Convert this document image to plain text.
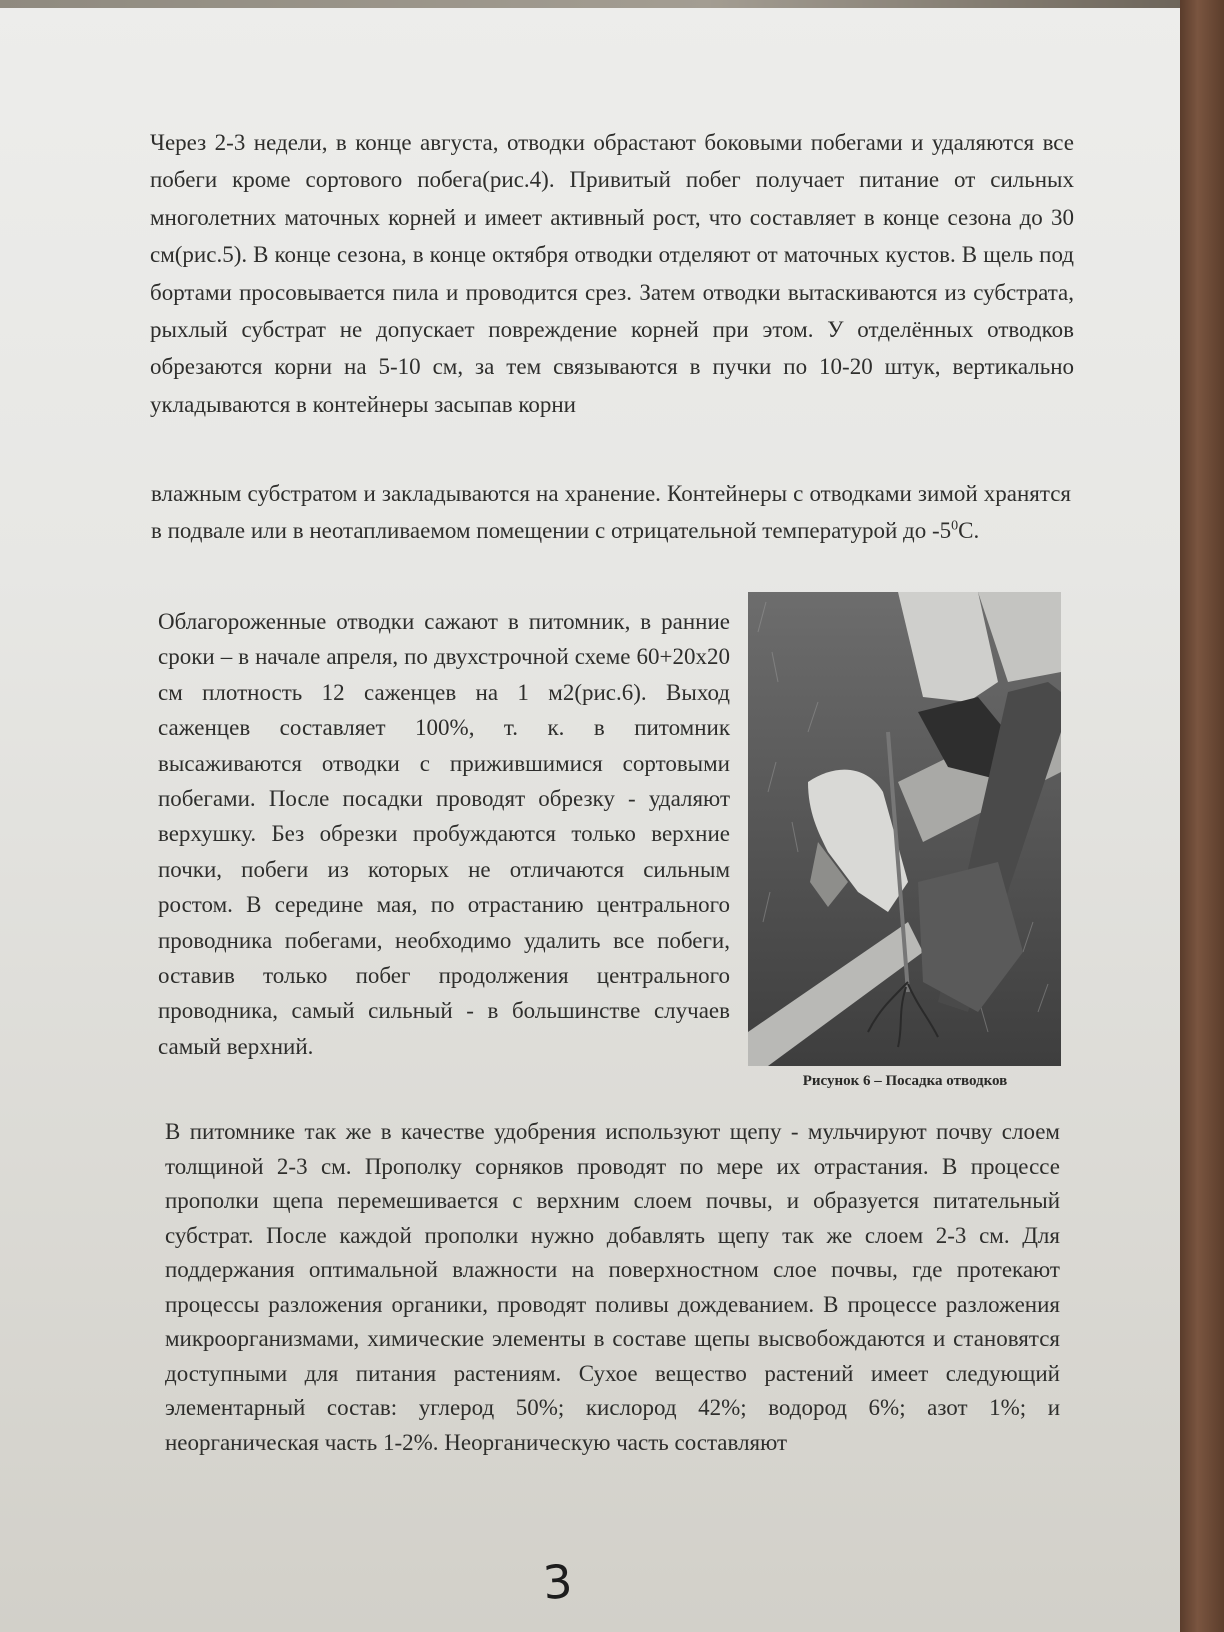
Через 2-3 недели, в конце августа, отводки обрастают боковыми побегами и удаляются все побеги кроме сортового побега(рис.4). Привитый побег получает питание от сильных многолетних маточных корней и имеет активный рост, что составляет в конце сезона до 30 см(рис.5). В конце сезона, в конце октября отводки отделяют от маточных кустов. В щель под бортами просовывается пила и проводится срез. Затем отводки вытаскиваются из субстрата, рыхлый субстрат не допускает повреждение корней при этом. У отделённых отводков обрезаются корни на 5-10 см, за тем связываются в пучки по 10-20 штук, вертикально укладываются в контейнеры засыпав корни

влажным субстратом и закладываются на хранение. Контейнеры с отводками зимой хранятся в подвале или в неотапливаемом помещении с отрицательной температурой до $-5^0С$.

Облагороженные отводки сажают в питомник, в ранние сроки – в начале апреля, по двухстрочной схеме 60+20х20 см плотность 12 саженцев на 1 м2(рис.6). Выход саженцев составляет 100%, т. к. в питомник высаживаются отводки с прижившимися сортовыми побегами. После посадки проводят обрезку - удаляют верхушку. Без обрезки пробуждаются только верхние почки, побеги из которых не отличаются сильным ростом. В середине мая, по отрастанию центрального проводника побегами, необходимо удалить все побеги, оставив только побег продолжения центрального проводника, самый сильный - в большинстве случаев самый верхний.

Рисунок 6 – Посадка отводков

В питомнике так же в качестве удобрения используют щепу - мульчируют почву слоем толщиной 2-3 см. Прополку сорняков проводят по мере их отрастания. В процессе прополки щепа перемешивается с верхним слоем почвы, и образуется питательный субстрат. После каждой прополки нужно добавлять щепу так же слоем 2-3 см. Для поддержания оптимальной влажности на поверхностном слое почвы, где протекают процессы разложения органики, проводят поливы дождеванием. В процессе разложения микроорганизмами, химические элементы в составе щепы высвобождаются и становятся доступными для питания растениям. Сухое вещество растений имеет следующий элементарный состав: углерод 50%; кислород 42%; водород 6%; азот 1%; и неорганическая часть 1-2%. Неорганическую часть составляют

3
